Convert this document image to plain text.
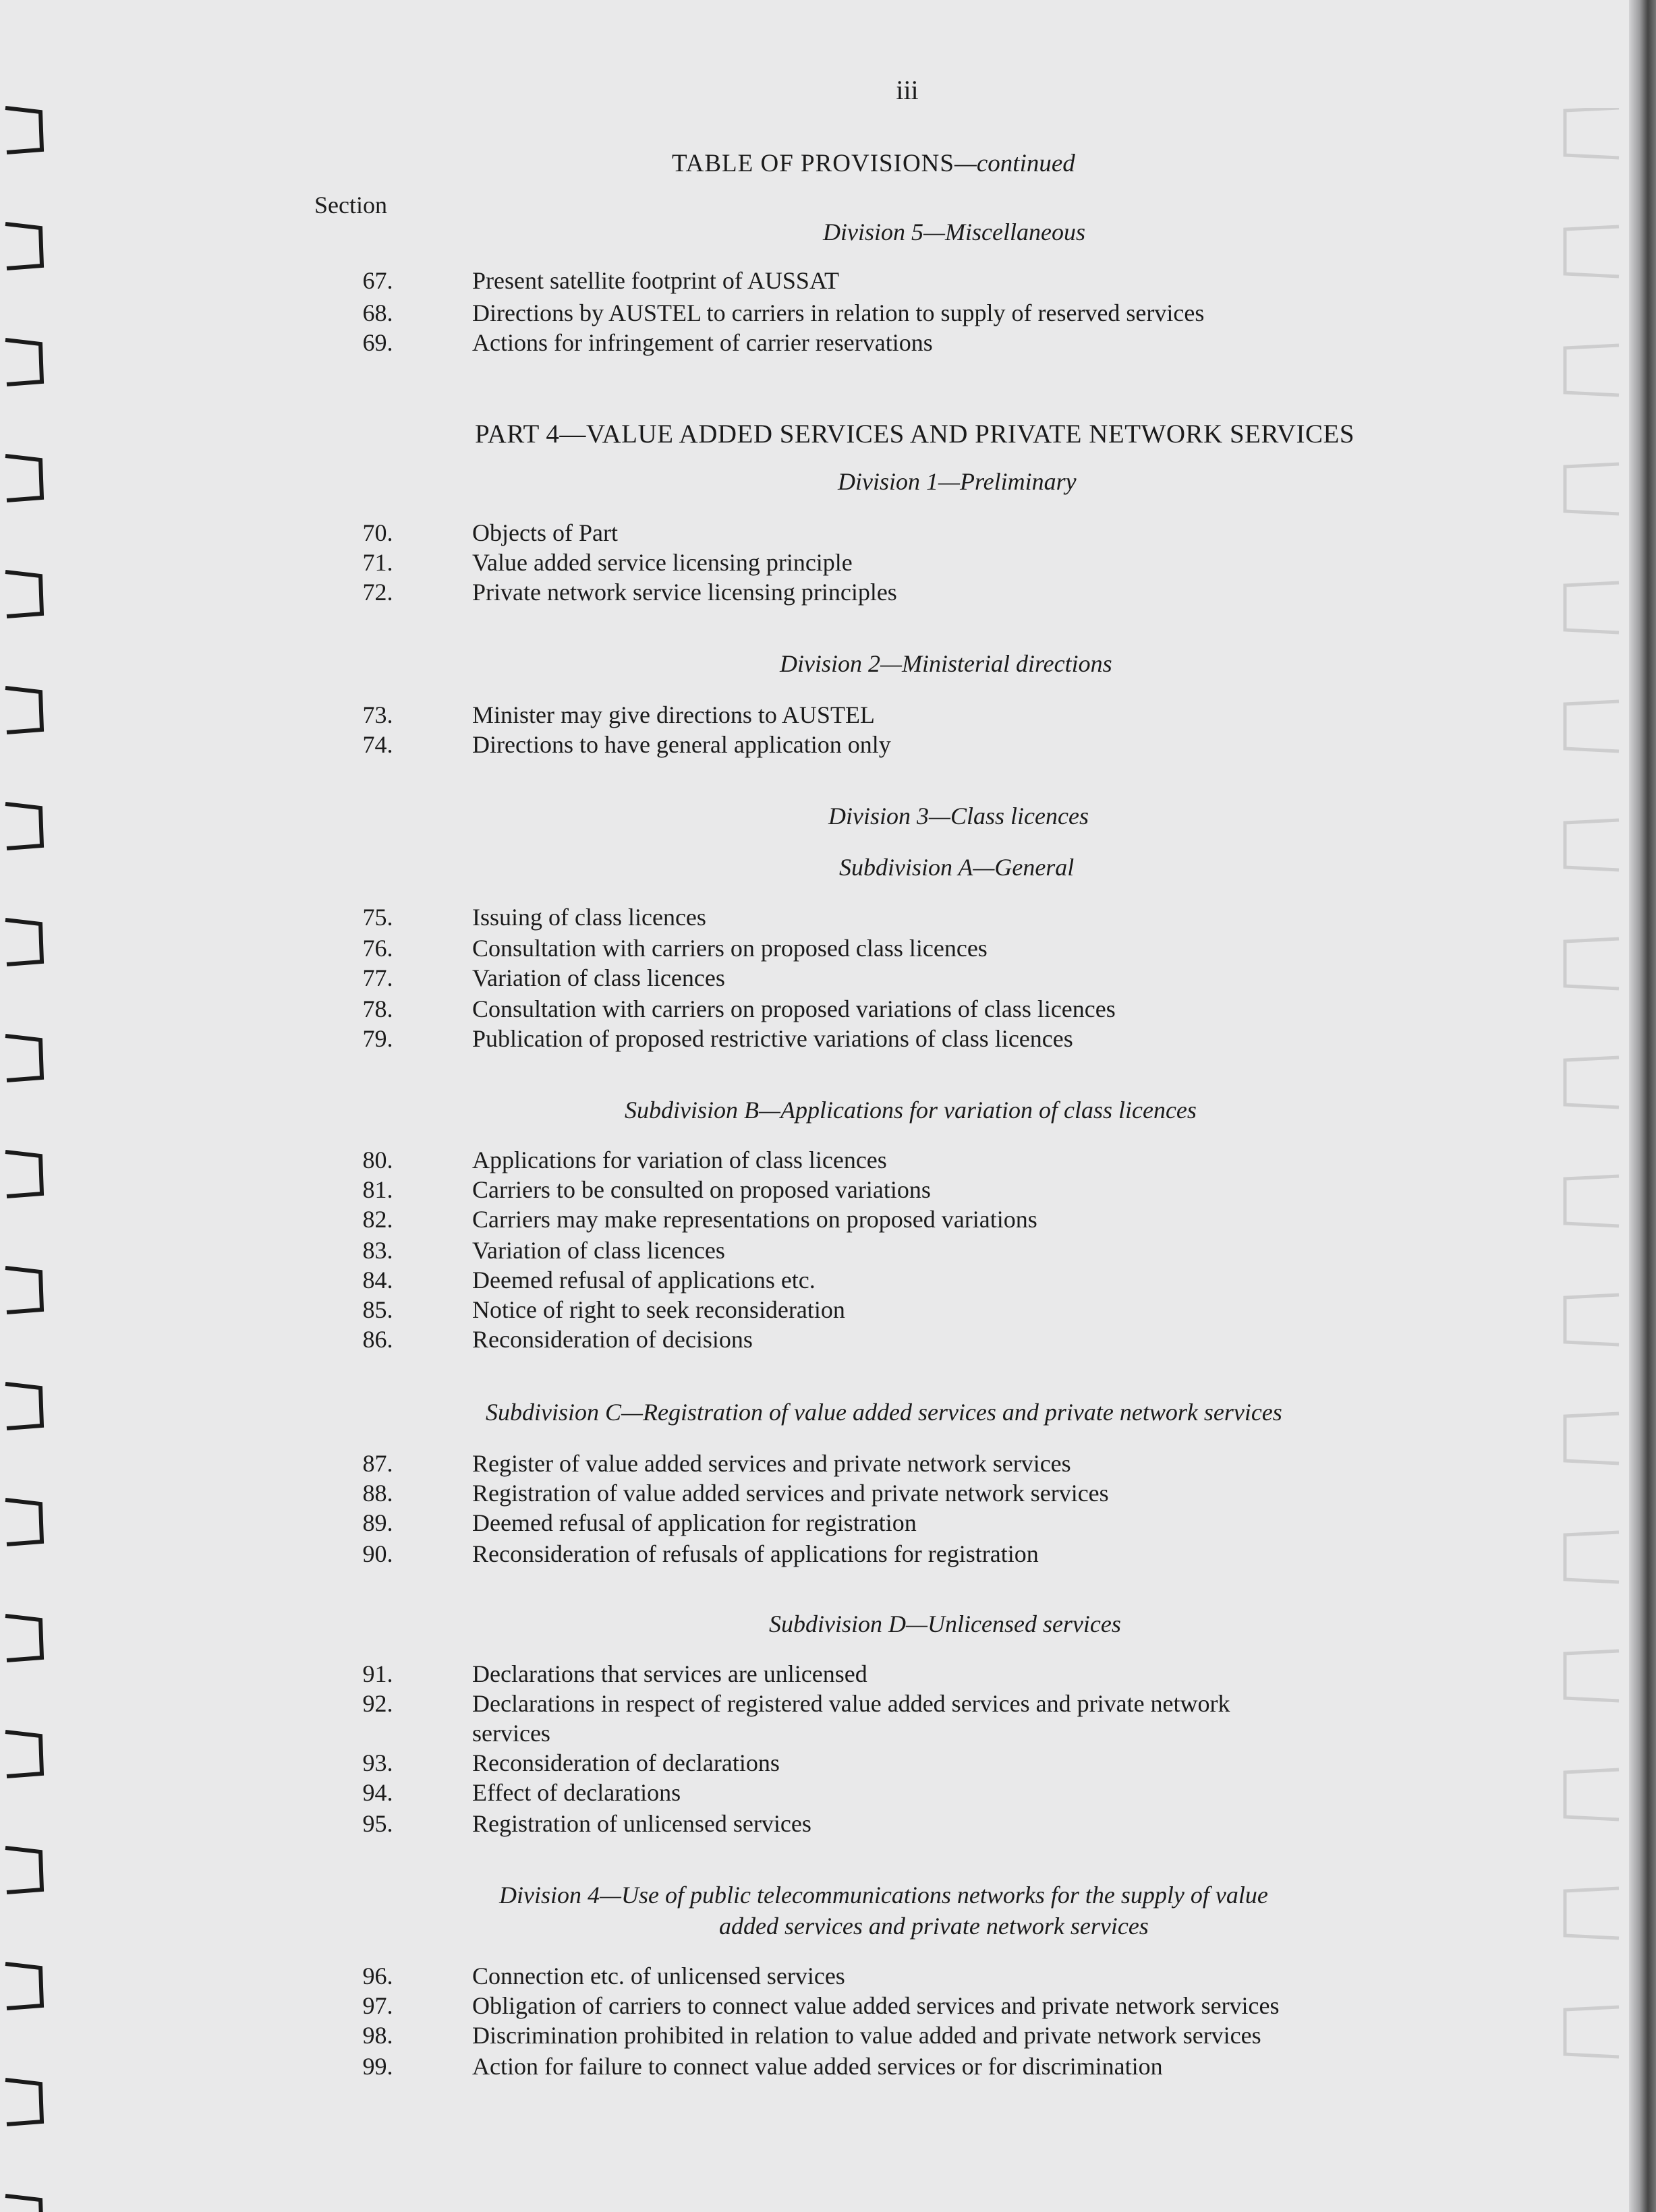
iii
TABLE OF PROVISIONS—continued
Section
Division 5—Miscellaneous
67.	Present satellite footprint of AUSSAT
68.	Directions by AUSTEL to carriers in relation to supply of reserved services
69.	Actions for infringement of carrier reservations
PART 4—VALUE ADDED SERVICES AND PRIVATE NETWORK SERVICES
Division 1—Preliminary
70.	Objects of Part
71.	Value added service licensing principle
72.	Private network service licensing principles
Division 2—Ministerial directions
73.	Minister may give directions to AUSTEL
74.	Directions to have general application only
Division 3—Class licences
Subdivision A—General
75.	Issuing of class licences
76.	Consultation with carriers on proposed class licences
77.	Variation of class licences
78.	Consultation with carriers on proposed variations of class licences
79.	Publication of proposed restrictive variations of class licences
Subdivision B—Applications for variation of class licences
80.	Applications for variation of class licences
81.	Carriers to be consulted on proposed variations
82.	Carriers may make representations on proposed variations
83.	Variation of class licences
84.	Deemed refusal of applications etc.
85.	Notice of right to seek reconsideration
86.	Reconsideration of decisions
Subdivision C—Registration of value added services and private network services
87.	Register of value added services and private network services
88.	Registration of value added services and private network services
89.	Deemed refusal of application for registration
90.	Reconsideration of refusals of applications for registration
Subdivision D—Unlicensed services
91.	Declarations that services are unlicensed
92.	Declarations in respect of registered value added services and private network
services
93.	Reconsideration of declarations
94.	Effect of declarations
95.	Registration of unlicensed services
Division 4—Use of public telecommunications networks for the supply of value
added services and private network services
96.	Connection etc. of unlicensed services
97.	Obligation of carriers to connect value added services and private network services
98.	Discrimination prohibited in relation to value added and private network services
99.	Action for failure to connect value added services or for discrimination
